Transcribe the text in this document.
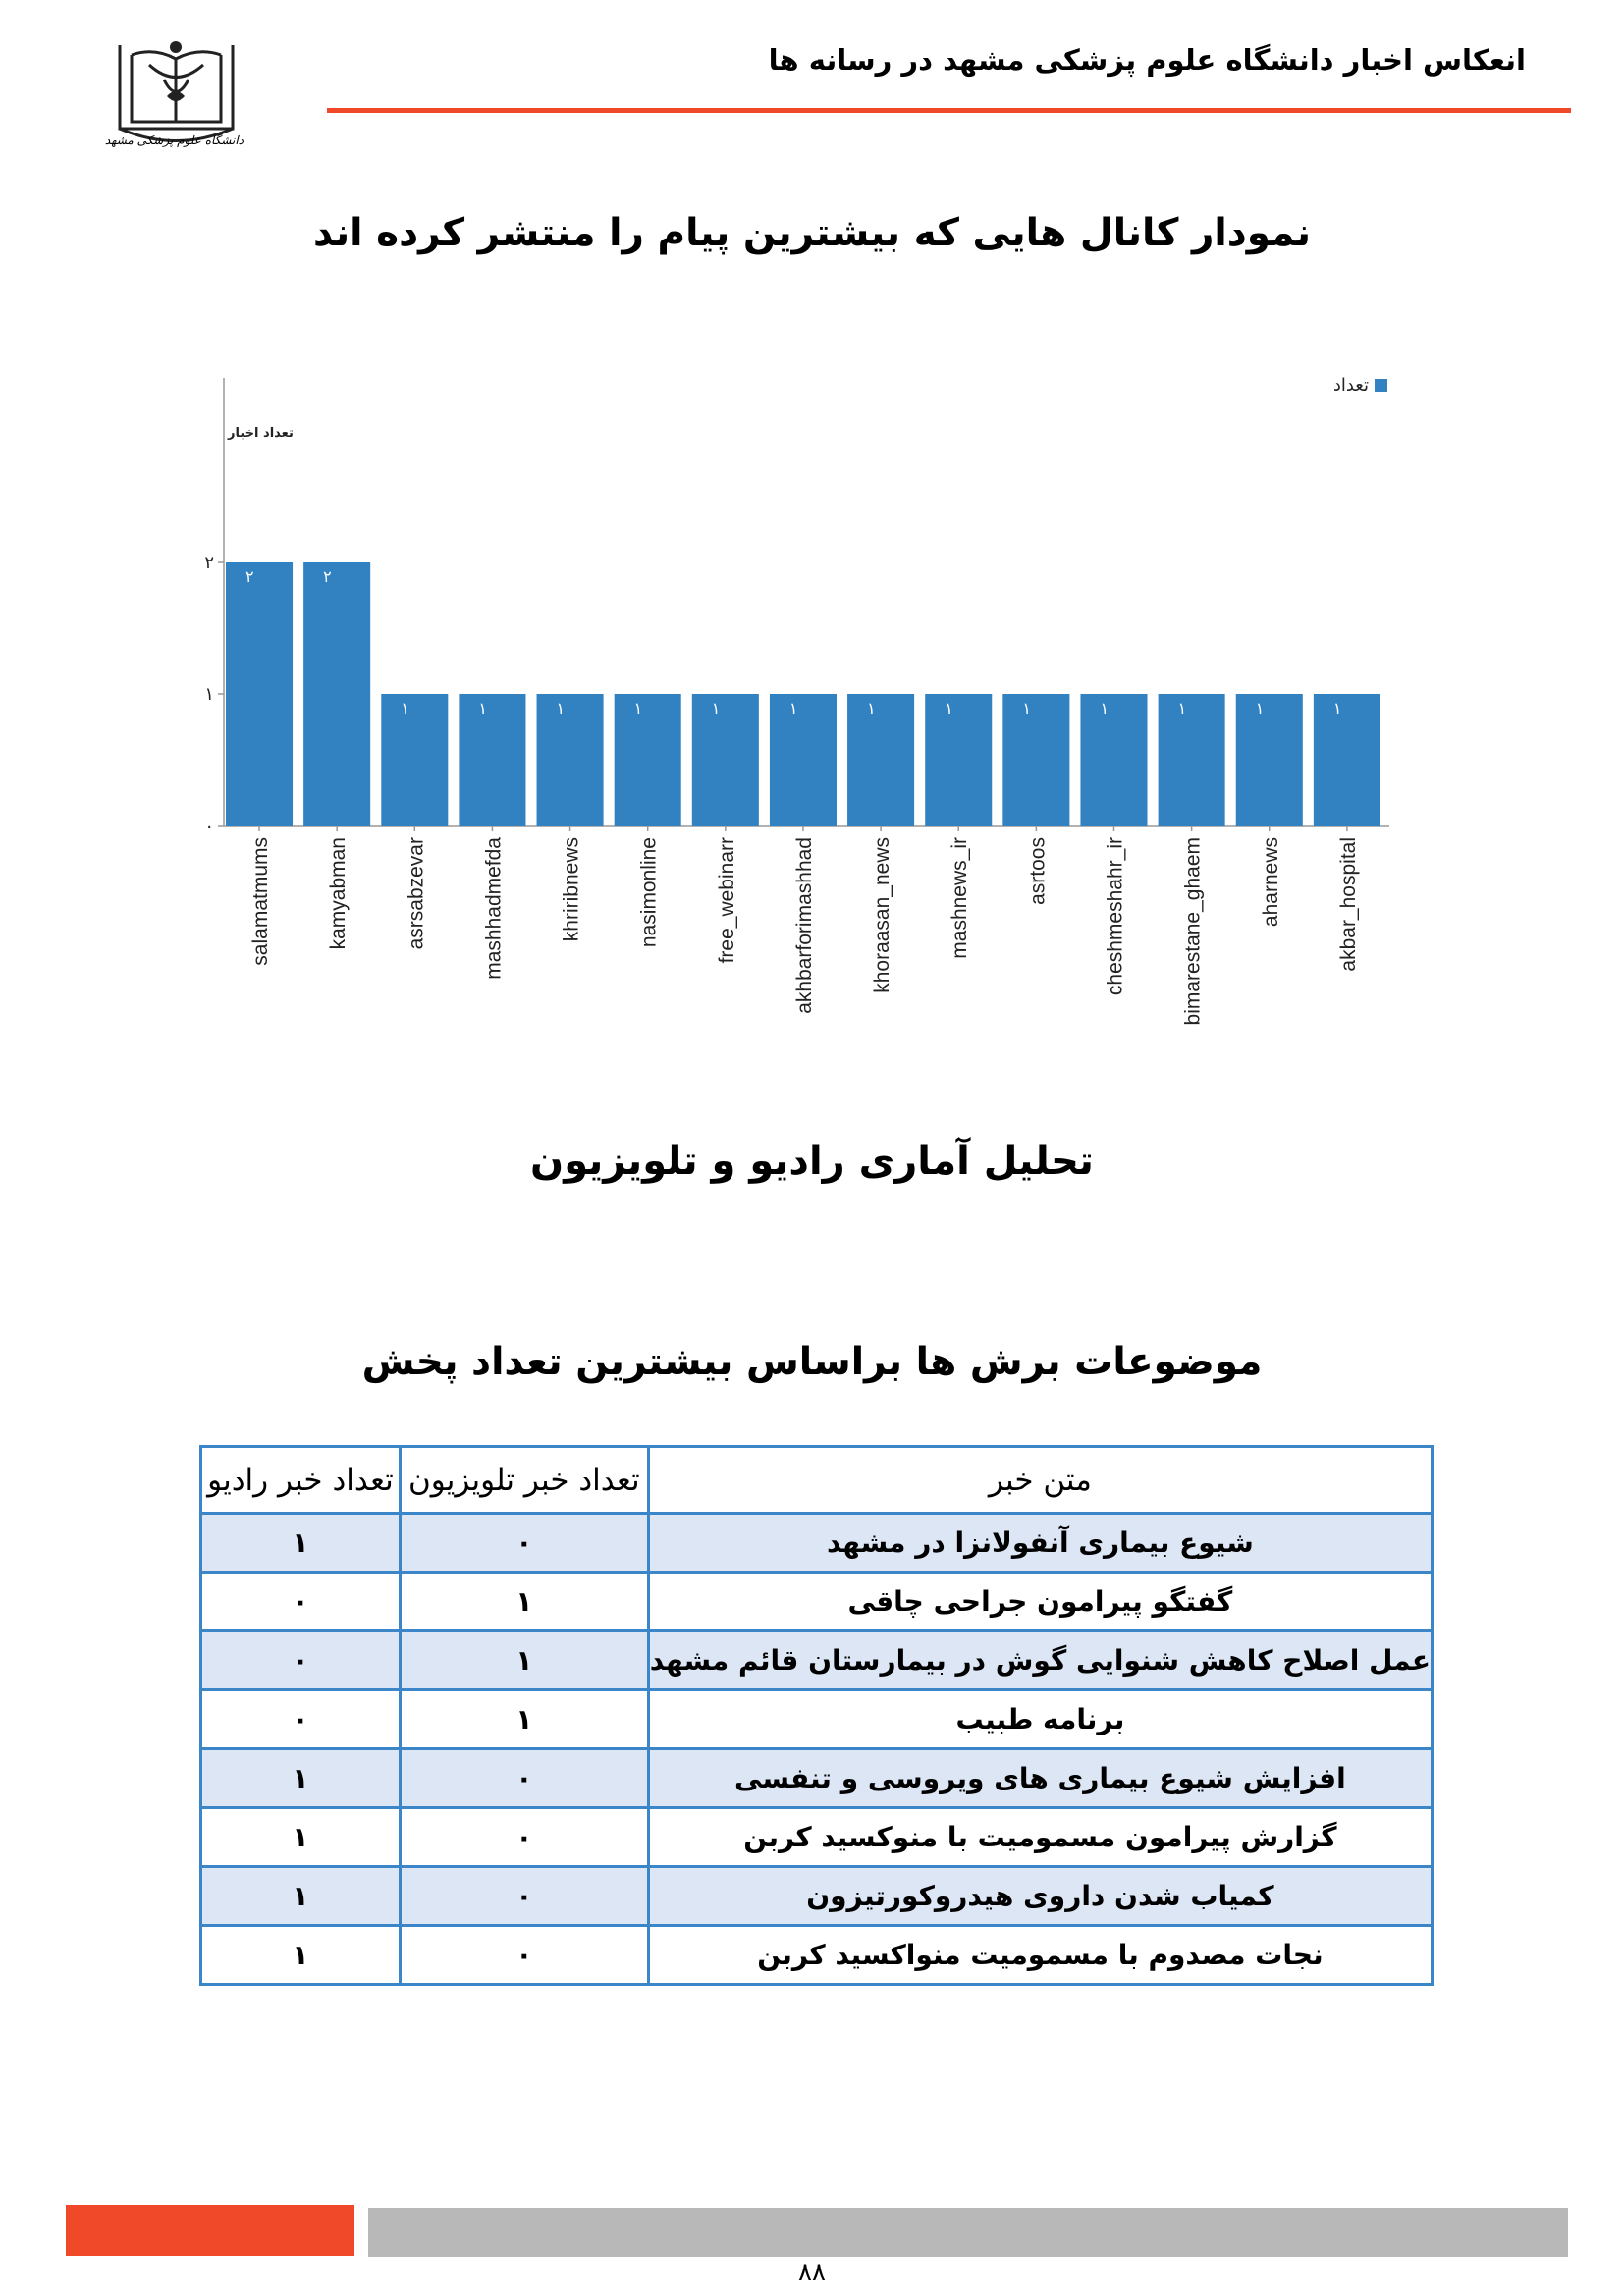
انعکاس اخبار دانشگاه علوم پزشکی مشهد در رسانه ها
دانشگاه علوم پزشکی مشهد
نمودار کانال هایی که بیشترین پیام را منتشر کرده اند
۰
۱
۲
تعداد اخبار
تعداد
۲
salamatmums
۲
kamyabman
۱
asrsabzevar
۱
mashhadmefda
۱
khriribnews
۱
nasimonline
۱
free_webinarr
۱
akhbarforimashhad
۱
khoraasan_news
۱
mashnews_ir
۱
asrtoos
۱
cheshmeshahr_ir
۱
bimarestane_ghaem
۱
aharnews
۱
akbar_hospital
تحلیل آماری رادیو و تلویزیون
موضوعات برش ها براساس بیشترین تعداد پخش
متن خبر	تعداد خبر تلویزیون	تعداد خبر رادیو
شیوع بیماری آنفولانزا در مشهد	۰	۱
گفتگو پیرامون جراحی چاقی	۱	۰
عمل اصلاح کاهش شنوایی گوش در بیمارستان قائم مشهد	۱	۰
برنامه طبیب	۱	۰
افزایش شیوع بیماری های ویروسی و تنفسی	۰	۱
گزارش پیرامون مسمومیت با منوکسید کربن	۰	۱
کمیاب شدن داروی هیدروکورتیزون	۰	۱
نجات مصدوم با مسمومیت منواکسید کربن	۰	۱
۸۸
